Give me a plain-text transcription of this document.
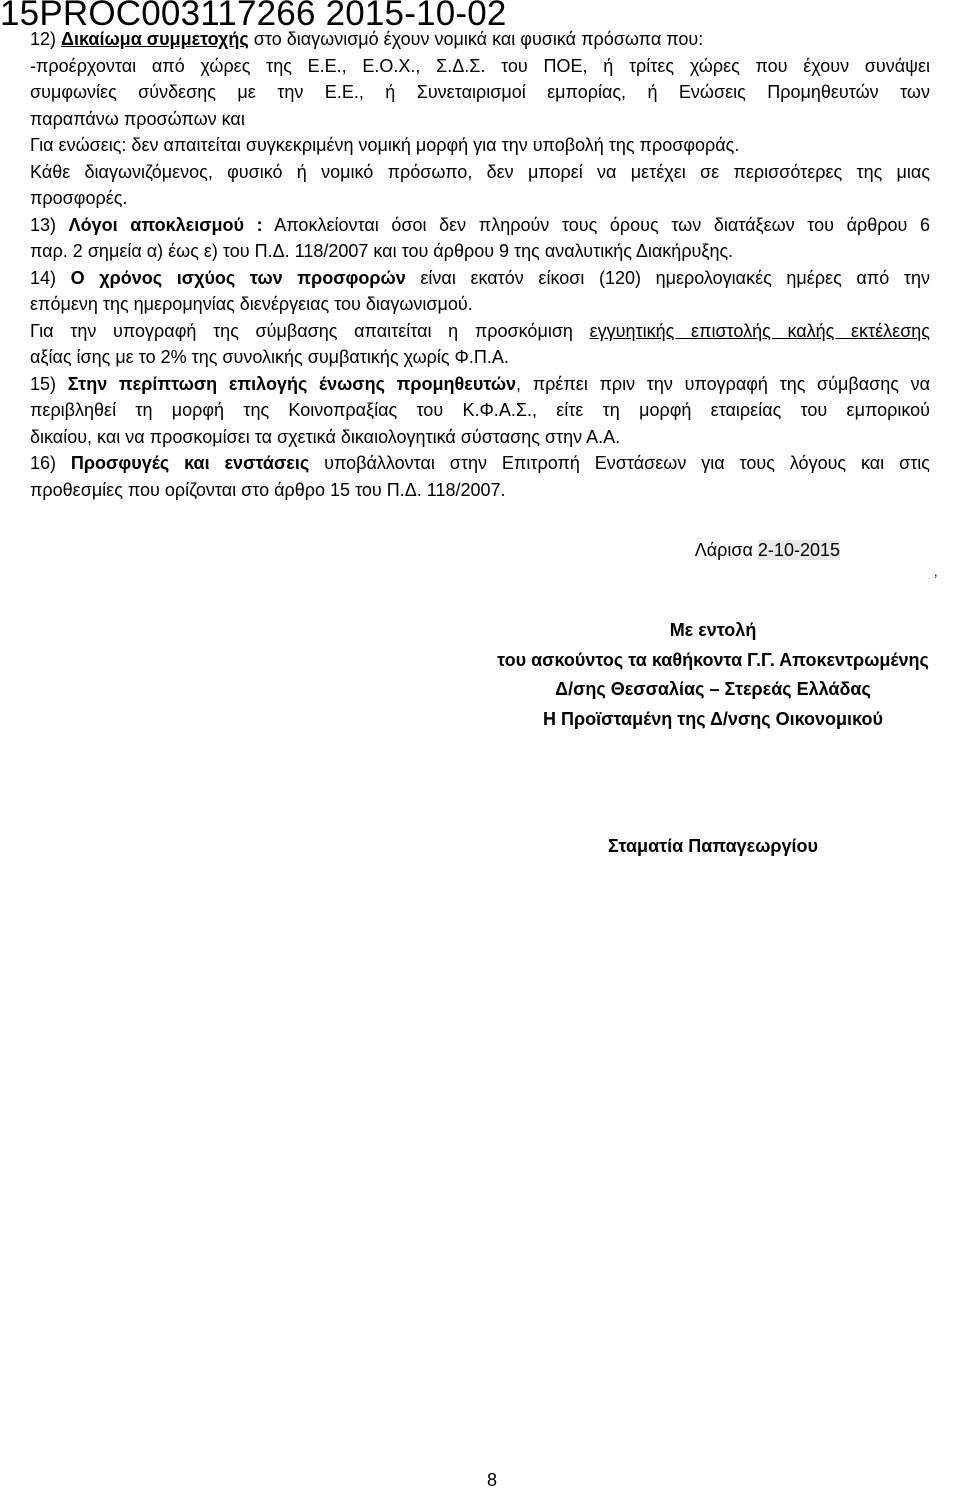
15PROC003117266 2015-10-02

12) Δικαίωμα συμμετοχής στο διαγωνισμό έχουν νομικά και φυσικά πρόσωπα που:

-προέρχονται από χώρες της Ε.Ε., Ε.Ο.Χ., Σ.Δ.Σ. του ΠΟΕ, ή τρίτες χώρες που έχουν συνάψει

συμφωνίες σύνδεσης με την Ε.Ε., ή Συνεταιρισμοί εμπορίας, ή Ενώσεις Προμηθευτών των

παραπάνω προσώπων και

Για ενώσεις: δεν απαιτείται συγκεκριμένη νομική μορφή για την υποβολή της προσφοράς.

Κάθε διαγωνιζόμενος, φυσικό ή νομικό πρόσωπο, δεν μπορεί να μετέχει σε περισσότερες της μιας

προσφορές.

13) Λόγοι αποκλεισμού : Αποκλείονται όσοι δεν πληρούν τους όρους των διατάξεων του άρθρου 6

παρ. 2 σημεία α) έως ε) του Π.Δ. 118/2007 και του άρθρου 9 της αναλυτικής Διακήρυξης.

14) Ο χρόνος ισχύος των προσφορών είναι εκατόν είκοσι (120) ημερολογιακές ημέρες από την

επόμενη της ημερομηνίας διενέργειας του διαγωνισμού.

Για την υπογραφή της σύμβασης απαιτείται η προσκόμιση εγγυητικής επιστολής καλής εκτέλεσης

αξίας ίσης με το 2% της συνολικής συμβατικής χωρίς Φ.Π.Α.

15) Στην περίπτωση επιλογής ένωσης προμηθευτών, πρέπει πριν την υπογραφή της σύμβασης να

περιβληθεί τη μορφή της Κοινοπραξίας του Κ.Φ.Α.Σ., είτε τη μορφή εταιρείας του εμπορικού

δικαίου, και να προσκομίσει τα σχετικά δικαιολογητικά σύστασης στην Α.Α.

16) Προσφυγές και ενστάσεις υποβάλλονται στην Επιτροπή Ενστάσεων για τους λόγους και στις

προθεσμίες που ορίζονται στο άρθρο 15 του Π.Δ. 118/2007.

Λάρισα 2-10-2015
ʼ
Με εντολή
του ασκούντος τα καθήκοντα Γ.Γ. Αποκεντρωμένης
Δ/σης Θεσσαλίας – Στερεάς Ελλάδας
Η Προϊσταμένη της Δ/νσης Οικονομικού
Σταματία Παπαγεωργίου
8
